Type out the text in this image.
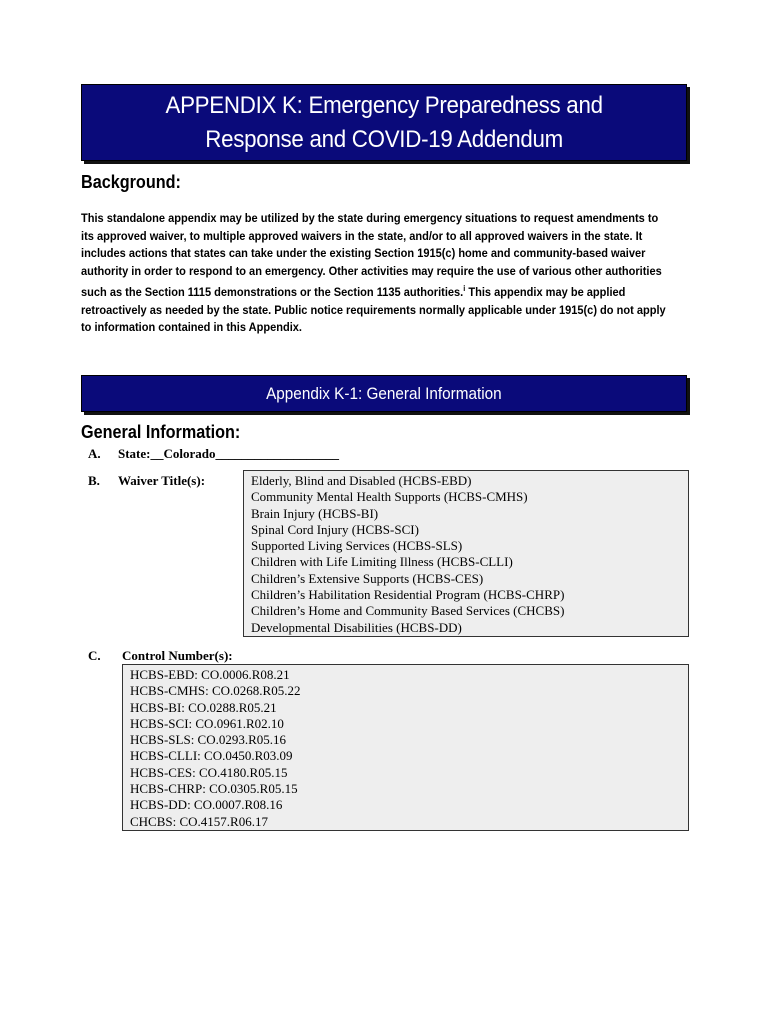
APPENDIX K: Emergency Preparedness and
Response and COVID-19 Addendum
Background:
This standalone appendix may be utilized by the state during emergency situations to request amendments to its approved waiver, to multiple approved waivers in the state, and/or to all approved waivers in the state. It includes actions that states can take under the existing Section 1915(c) home and community-based waiver authority in order to respond to an emergency. Other activities may require the use of various other authorities such as the Section 1115 demonstrations or the Section 1135 authorities.$^i$ This appendix may be applied retroactively as needed by the state. Public notice requirements normally applicable under 1915(c) do not apply to information contained in this Appendix.
Appendix K-1: General Information
General Information:
A. State:__Colorado___________________
B. Waiver Title(s):	Elderly, Blind and Disabled (HCBS-EBD)
Community Mental Health Supports (HCBS-CMHS)
Brain Injury (HCBS-BI)
Spinal Cord Injury (HCBS-SCI)
Supported Living Services (HCBS-SLS)
Children with Life Limiting Illness (HCBS-CLLI)
Children’s Extensive Supports (HCBS-CES)
Children’s Habilitation Residential Program (HCBS-CHRP)
Children’s Home and Community Based Services (CHCBS)
Developmental Disabilities (HCBS-DD)
C. Control Number(s):
HCBS-EBD: CO.0006.R08.21
HCBS-CMHS: CO.0268.R05.22
HCBS-BI: CO.0288.R05.21
HCBS-SCI: CO.0961.R02.10
HCBS-SLS: CO.0293.R05.16
HCBS-CLLI: CO.0450.R03.09
HCBS-CES: CO.4180.R05.15
HCBS-CHRP: CO.0305.R05.15
HCBS-DD: CO.0007.R08.16
CHCBS: CO.4157.R06.17
